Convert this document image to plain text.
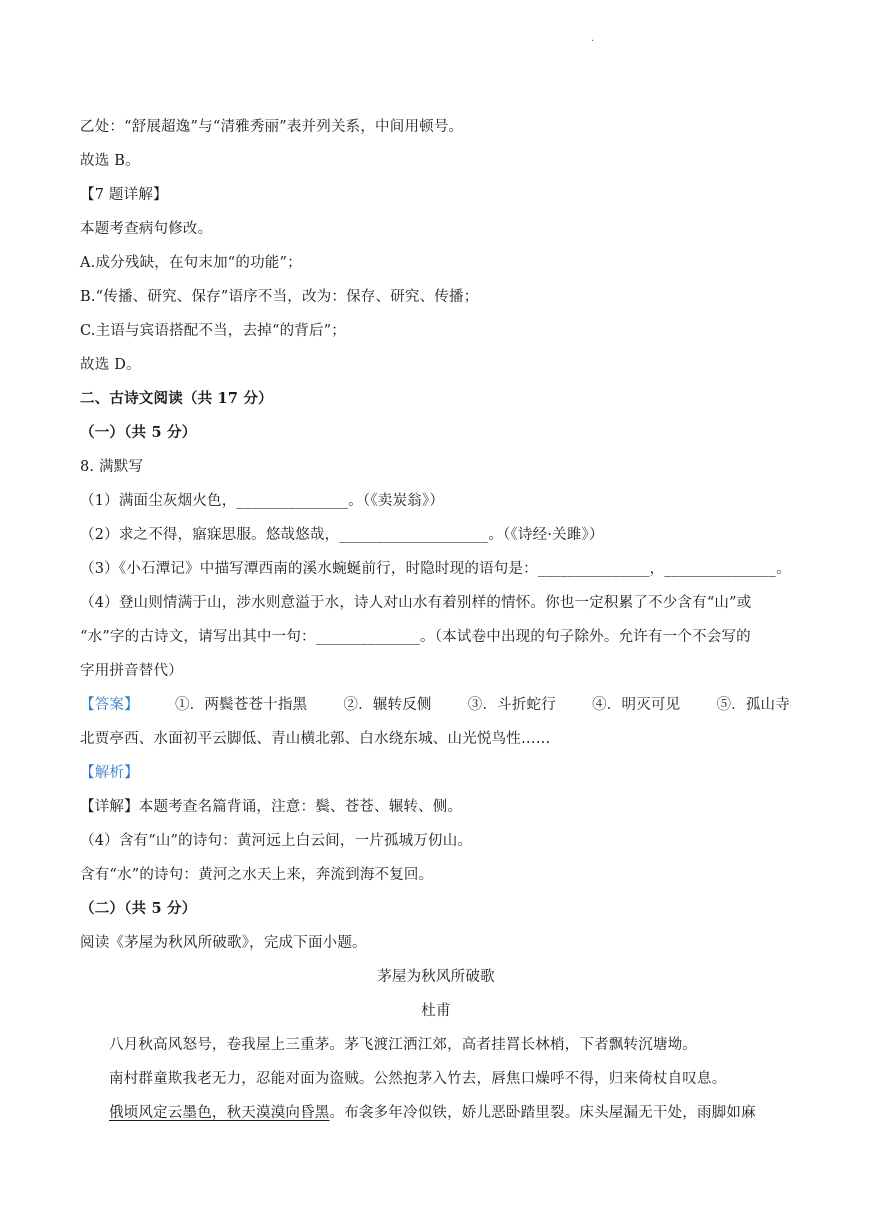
·
乙处：“舒展超逸”与“清雅秀丽”表并列关系，中间用顿号。
故选 B。
【7 题详解】
本题考查病句修改。
A.成分残缺，在句末加“的功能”；
B.“传播、研究、保存”语序不当，改为：保存、研究、传播；
C.主语与宾语搭配不当，去掉“的背后”；
故选 D。
二、古诗文阅读（共 17 分）
（一）（共 5 分）
8. 满默写
（1）满面尘灰烟火色，_______________。（《卖炭翁》）
（2）求之不得，寤寐思服。悠哉悠哉，____________________。（《诗经·关雎》）
（3）《小石潭记》中描写潭西南的溪水蜿蜒前行，时隐时现的语句是：_______________，_______________。
（4）登山则情满于山，涉水则意溢于水，诗人对山水有着别样的情怀。你也一定积累了不少含有“山”或
“水”字的古诗文，请写出其中一句：______________。（本试卷中出现的句子除外。允许有一个不会写的
字用拼音替代）
【答案】 ①．两鬓苍苍十指黑 ②．辗转反侧 ③．斗折蛇行 ④．明灭可见 ⑤．孤山寺
北贾亭西、水面初平云脚低、青山横北郭、白水绕东城、山光悦鸟性……
【解析】
【详解】本题考查名篇背诵，注意：鬓、苍苍、辗转、侧。
（4）含有“山”的诗句：黄河远上白云间，一片孤城万仞山。
含有“水”的诗句：黄河之水天上来，奔流到海不复回。
（二）（共 5 分）
阅读《茅屋为秋风所破歌》，完成下面小题。
茅屋为秋风所破歌
杜甫
八月秋高风怒号，卷我屋上三重茅。茅飞渡江洒江郊，高者挂罥长林梢，下者飘转沉塘坳。
南村群童欺我老无力，忍能对面为盗贼。公然抱茅入竹去，唇焦口燥呼不得，归来倚杖自叹息。
俄顷风定云墨色，秋天漠漠向昏黑。布衾多年冷似铁，娇儿恶卧踏里裂。床头屋漏无干处，雨脚如麻
